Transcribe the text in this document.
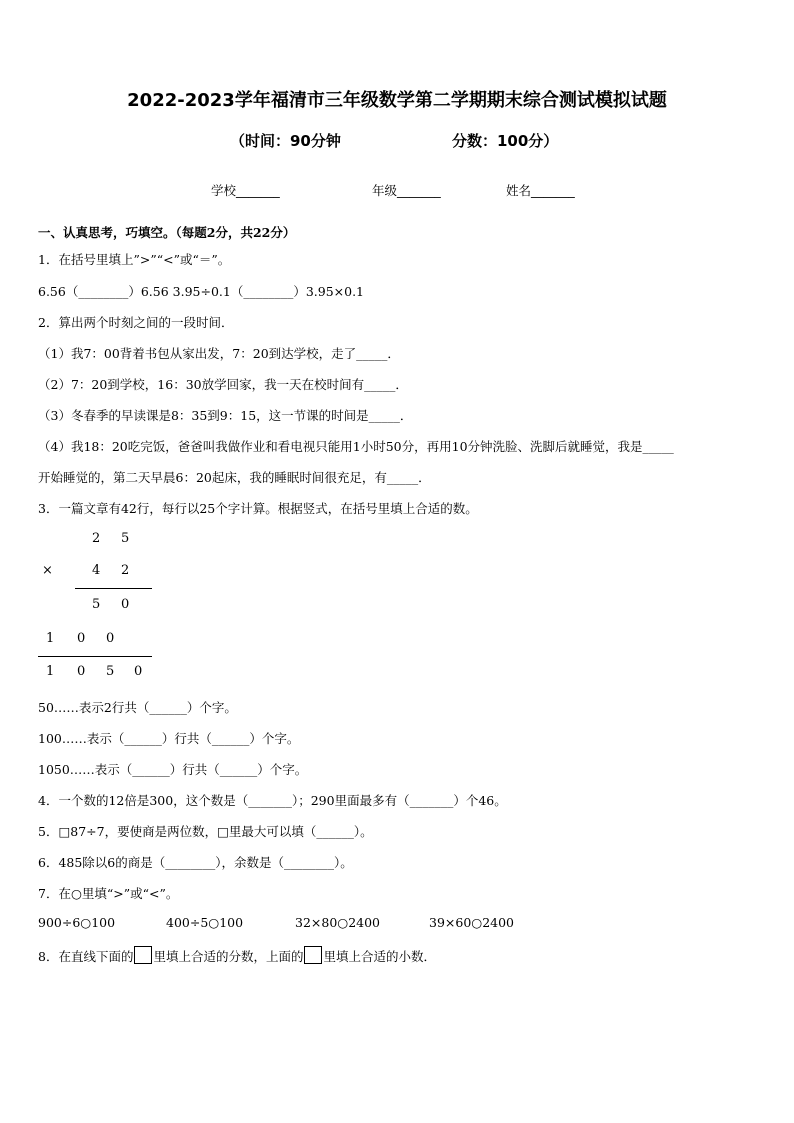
2022-2023学年福清市三年级数学第二学期期末综合测试模拟试题
（时间：90分钟	分数：100分）
学校_______	年级_______	姓名_______
一、认真思考，巧填空。（每题2分，共22分）
1．在括号里填上”>”“<”或“＝”。
6.56（________）6.56 3.95÷0.1（________）3.95×0.1
2．算出两个时刻之间的一段时间．
（1）我7：00背着书包从家出发，7：20到达学校，走了_____．
（2）7：20到学校，16：30放学回家，我一天在校时间有_____．
（3）冬春季的早读课是8：35到9：15，这一节课的时间是_____．
（4）我18：20吃完饭，爸爸叫我做作业和看电视只能用1小时50分，再用10分钟洗脸、洗脚后就睡觉，我是_____
开始睡觉的，第二天早晨6：20起床，我的睡眠时间很充足，有_____．
3．一篇文章有42行，每行以25个字计算。根据竖式，在括号里填上合适的数。
2 5
×	4 2
5 0
1 0 0
1 0 5 0
50……表示2行共（______）个字。
100……表示（______）行共（______）个字。
1050……表示（______）行共（______）个字。
4．一个数的12倍是300，这个数是（_______）；290里面最多有（_______）个46。
5．□87÷7，要使商是两位数，□里最大可以填（______）。
6．485除以6的商是（________），余数是（________）。
7．在○里填“>”或“<”。
900÷6○100	400÷5○100	32×80○2400	39×60○2400
8．在直线下面的 里填上合适的分数，上面的 里填上合适的小数．
